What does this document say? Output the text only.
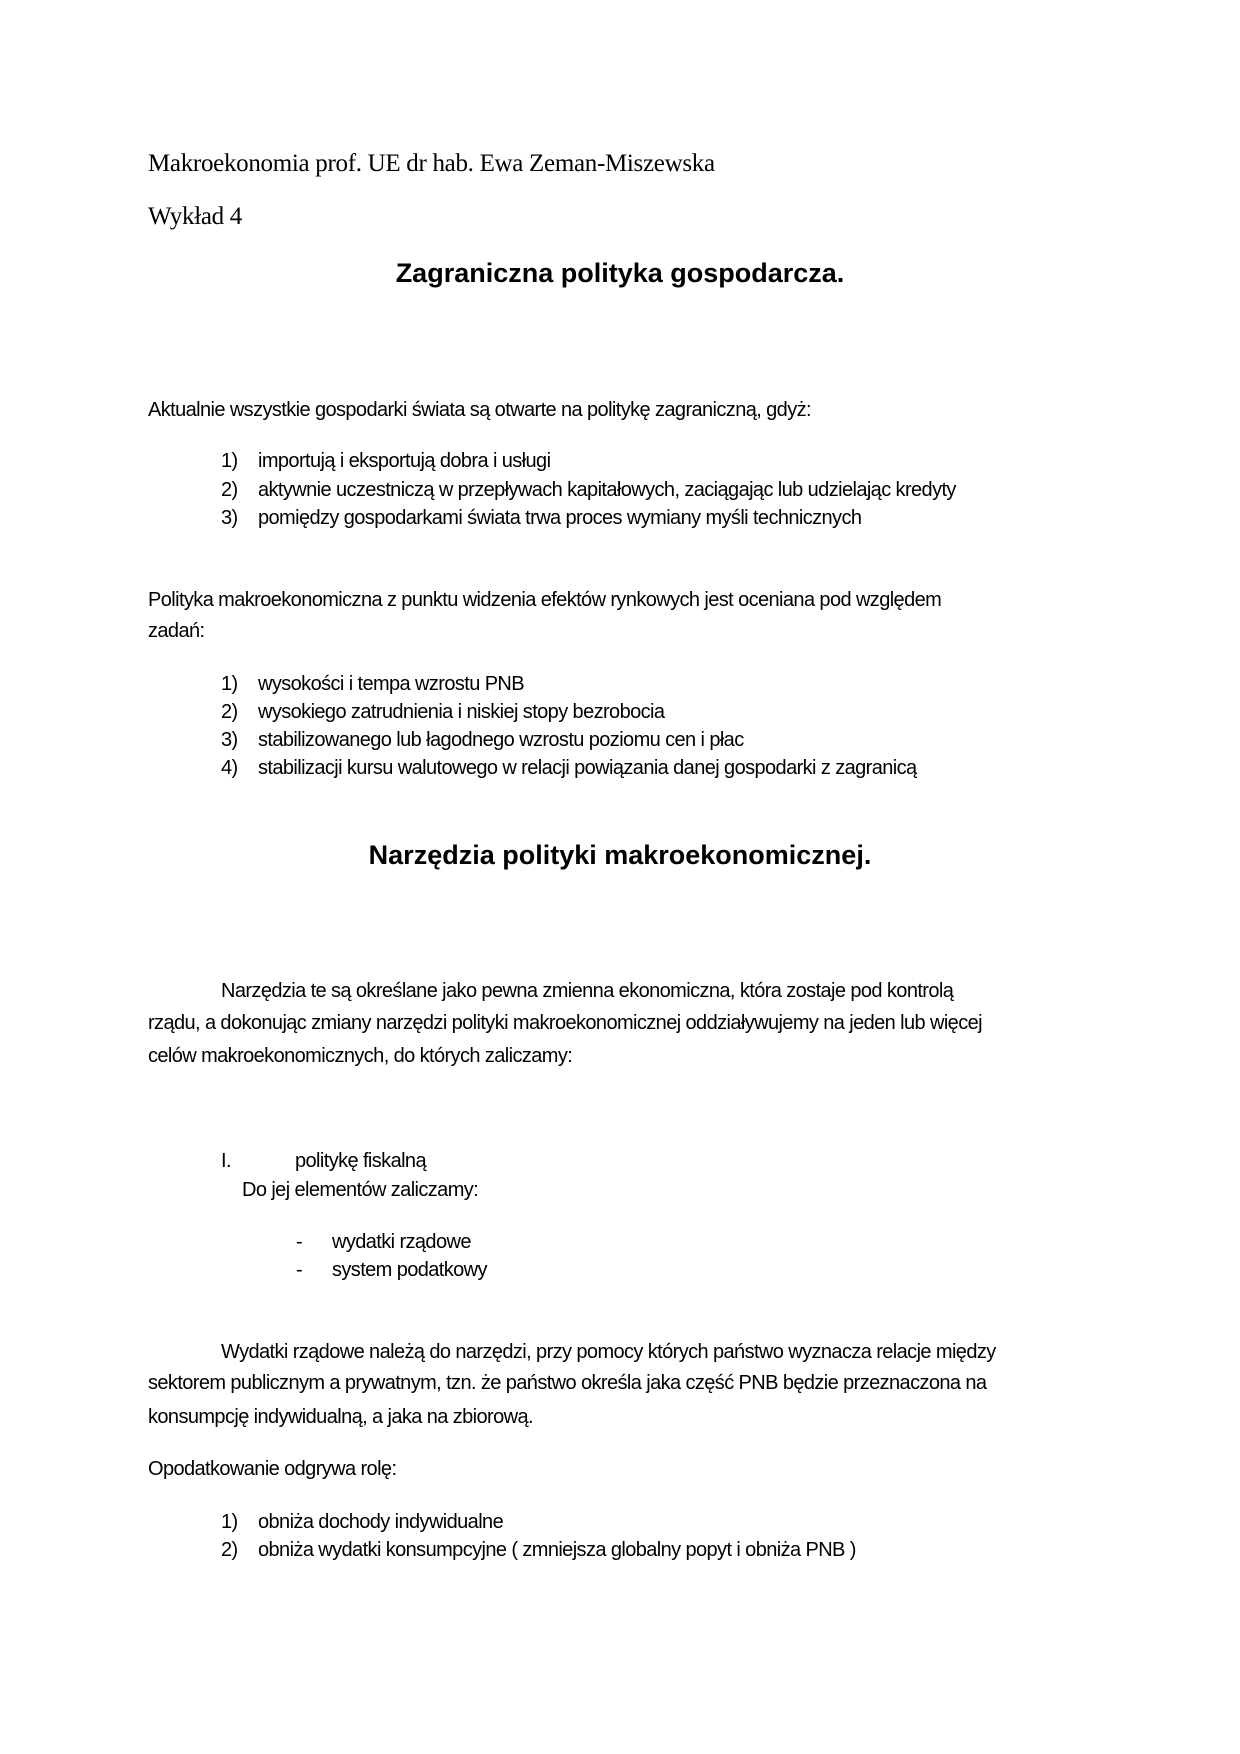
Makroekonomia prof. UE dr hab. Ewa Zeman-Miszewska
Wykład 4
Zagraniczna polityka gospodarcza.
Aktualnie wszystkie gospodarki świata są otwarte na politykę zagraniczną, gdyż:
1) importują i eksportują dobra i usługi
2) aktywnie uczestniczą w przepływach kapitałowych, zaciągając lub udzielając kredyty
3) pomiędzy gospodarkami świata trwa proces wymiany myśli technicznych
Polityka makroekonomiczna z punktu widzenia efektów rynkowych jest oceniana pod względem
zadań:
1) wysokości i tempa wzrostu PNB
2) wysokiego zatrudnienia i niskiej stopy bezrobocia
3) stabilizowanego lub łagodnego wzrostu poziomu cen i płac
4) stabilizacji kursu walutowego w relacji powiązania danej gospodarki z zagranicą
Narzędzia polityki makroekonomicznej.
Narzędzia te są określane jako pewna zmienna ekonomiczna, która zostaje pod kontrolą
rządu, a dokonując zmiany narzędzi polityki makroekonomicznej oddziaływujemy na jeden lub więcej
celów makroekonomicznych, do których zaliczamy:
I.	politykę fiskalną
Do jej elementów zaliczamy:
- wydatki rządowe
- system podatkowy
Wydatki rządowe należą do narzędzi, przy pomocy których państwo wyznacza relacje między
sektorem publicznym a prywatnym, tzn. że państwo określa jaka część PNB będzie przeznaczona na
konsumpcję indywidualną, a jaka na zbiorową.
Opodatkowanie odgrywa rolę:
1) obniża dochody indywidualne
2) obniża wydatki konsumpcyjne ( zmniejsza globalny popyt i obniża PNB )
